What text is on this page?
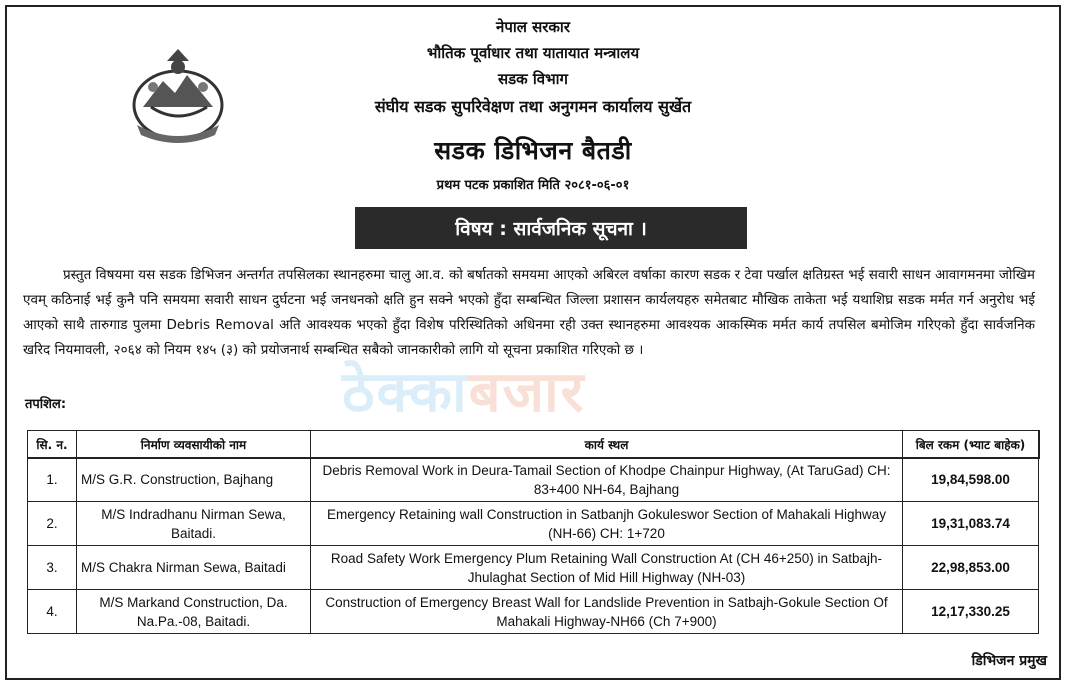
नेपाल सरकार
भौतिक पूर्वाधार तथा यातायात मन्त्रालय
सडक विभाग
संघीय सडक सुपरिवेक्षण तथा अनुगमन कार्यालय सुर्खेत
सडक डिभिजन बैतडी
प्रथम पटक प्रकाशित मिति २०८१-०६-०१
विषय : सार्वजनिक सूचना ।
प्रस्तुत विषयमा यस सडक डिभिजन अन्तर्गत तपसिलका स्थानहरुमा चालु आ.व. को बर्षातको समयमा आएको अबिरल वर्षाका कारण सडक र टेवा पर्खाल क्षतिग्रस्त भई सवारी साधन आवागमनमा जोखिम एवम् कठिनाई भई कुनै पनि समयमा सवारी साधन दुर्घटना भई जनधनको क्षति हुन सक्ने भएको हुँदा सम्बन्धित जिल्ला प्रशासन कार्यलयहरु समेतबाट मौखिक ताकेता भई यथाशिघ्र सडक मर्मत गर्न अनुरोध भई आएको साथै तारुगाड पुलमा Debris Removal अति आवश्यक भएको हुँदा विशेष परिस्थितिको अधिनमा रही उक्त स्थानहरुमा आवश्यक आकस्मिक मर्मत कार्य तपसिल बमोजिम गरिएको हुँदा सार्वजनिक खरिद नियमावली, २०६४ को नियम १४५ (३) को प्रयोजनार्थ सम्बन्धित सबैको जानकारीको लागि यो सूचना प्रकाशित गरिएको छ ।
ठेक्काबजार
तपशिल:
सि. न.	निर्माण व्यवसायीको नाम	कार्य स्थल	बिल रकम (भ्याट बाहेक)
1.	M/S G.R. Construction, Bajhang	Debris Removal Work in Deura-Tamail Section of Khodpe Chainpur Highway, (At TaruGad) CH: 83+400 NH-64, Bajhang	19,84,598.00
2.	M/S Indradhanu Nirman Sewa, Baitadi.	Emergency Retaining wall Construction in Satbanjh Gokuleswor Section of Mahakali Highway (NH-66) CH: 1+720	19,31,083.74
3.	M/S Chakra Nirman Sewa, Baitadi	Road Safety Work Emergency Plum Retaining Wall Construction At (CH 46+250) in Satbajh-Jhulaghat Section of Mid Hill Highway (NH-03)	22,98,853.00
4.	M/S Markand Construction, Da. Na.Pa.-08, Baitadi.	Construction of Emergency Breast Wall for Landslide Prevention in Satbajh-Gokule Section Of Mahakali Highway-NH66 (Ch 7+900)	12,17,330.25
डिभिजन प्रमुख
